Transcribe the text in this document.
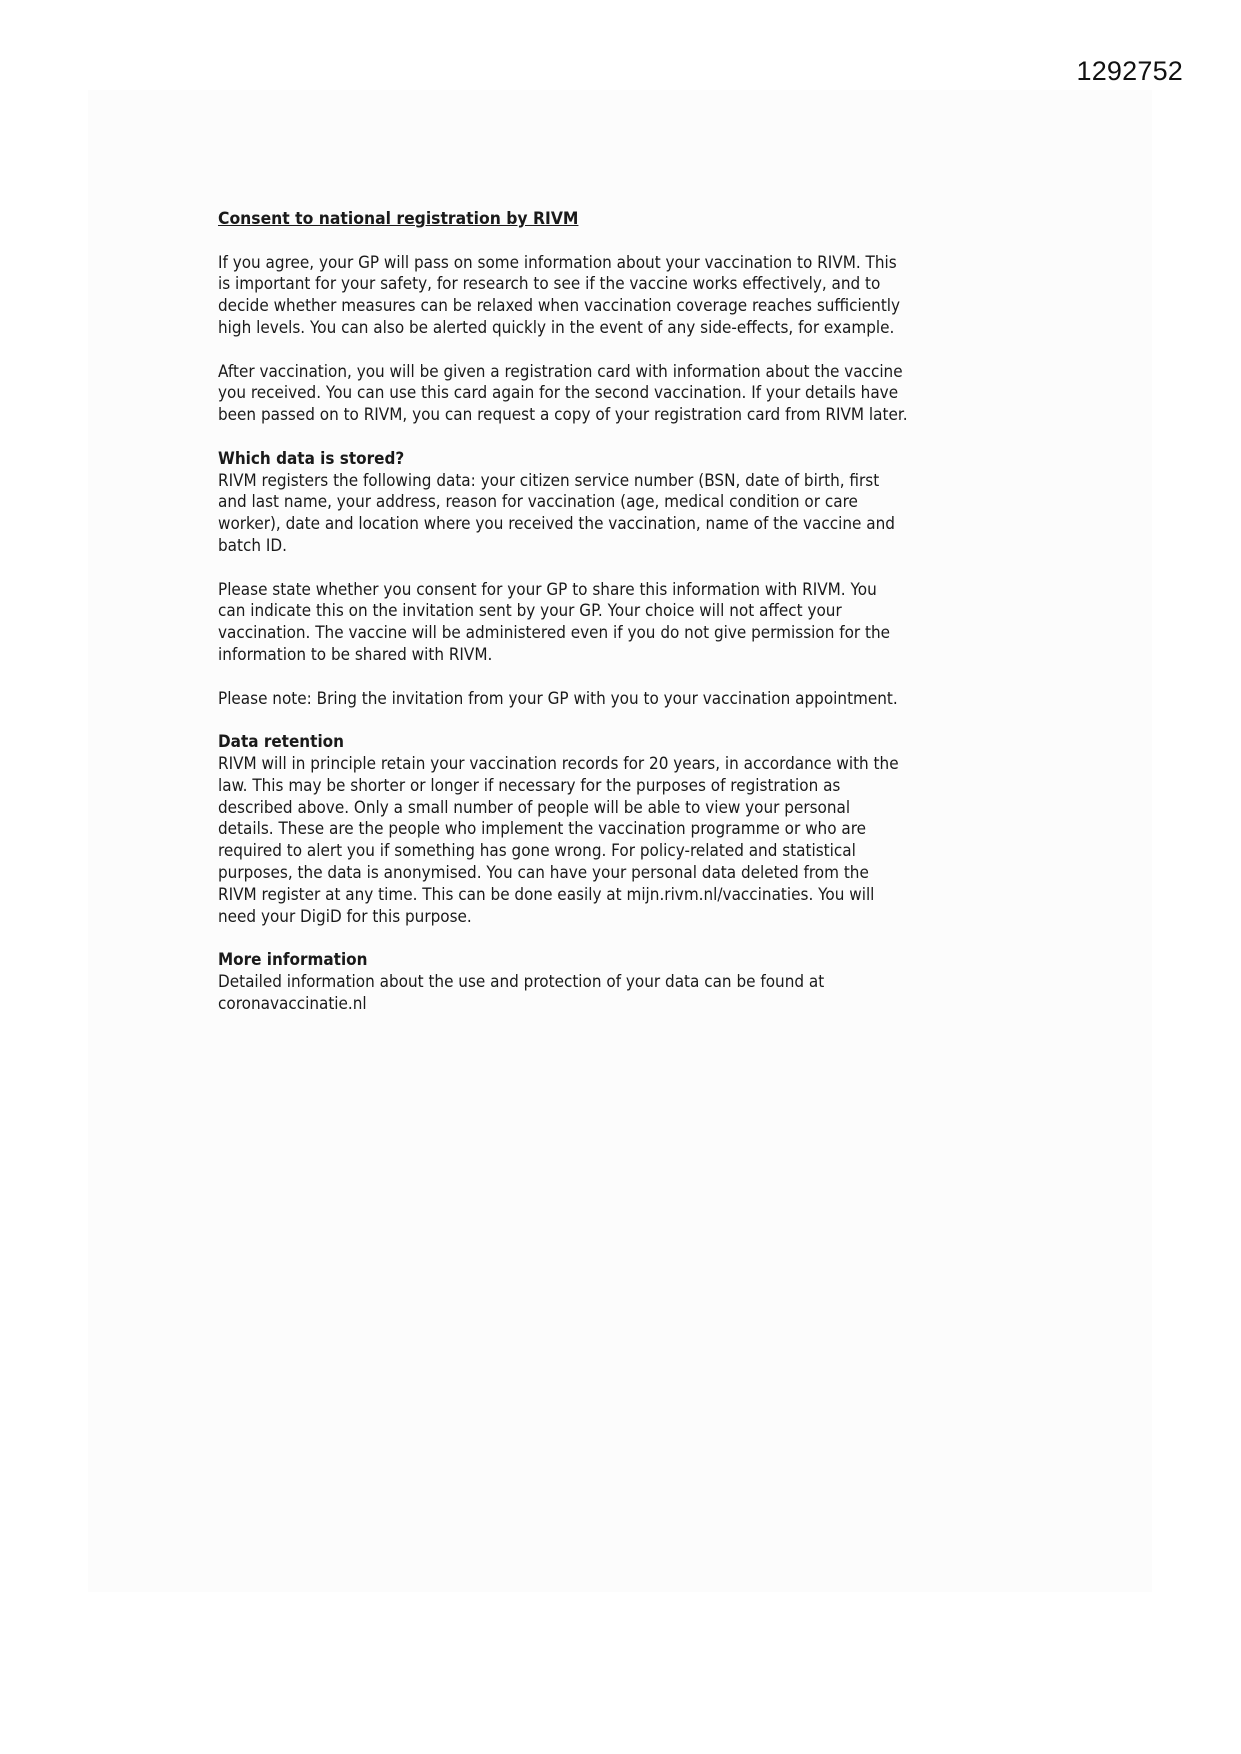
1292752

Consent to national registration by RIVM

If you agree, your GP will pass on some information about your vaccination to RIVM. This is important for your safety, for research to see if the vaccine works effectively, and to decide whether measures can be relaxed when vaccination coverage reaches sufficiently high levels. You can also be alerted quickly in the event of any side-effects, for example.

After vaccination, you will be given a registration card with information about the vaccine you received. You can use this card again for the second vaccination. If your details have been passed on to RIVM, you can request a copy of your registration card from RIVM later.

Which data is stored?

RIVM registers the following data: your citizen service number (BSN, date of birth, first and last name, your address, reason for vaccination (age, medical condition or care worker), date and location where you received the vaccination, name of the vaccine and batch ID.

Please state whether you consent for your GP to share this information with RIVM. You can indicate this on the invitation sent by your GP. Your choice will not affect your vaccination. The vaccine will be administered even if you do not give permission for the information to be shared with RIVM.

Please note: Bring the invitation from your GP with you to your vaccination appointment.

Data retention

RIVM will in principle retain your vaccination records for 20 years, in accordance with the law. This may be shorter or longer if necessary for the purposes of registration as described above. Only a small number of people will be able to view your personal details. These are the people who implement the vaccination programme or who are required to alert you if something has gone wrong. For policy-related and statistical purposes, the data is anonymised. You can have your personal data deleted from the RIVM register at any time. This can be done easily at mijn.rivm.nl/vaccinaties. You will need your DigiD for this purpose.

More information

Detailed information about the use and protection of your data can be found at coronavaccinatie.nl
